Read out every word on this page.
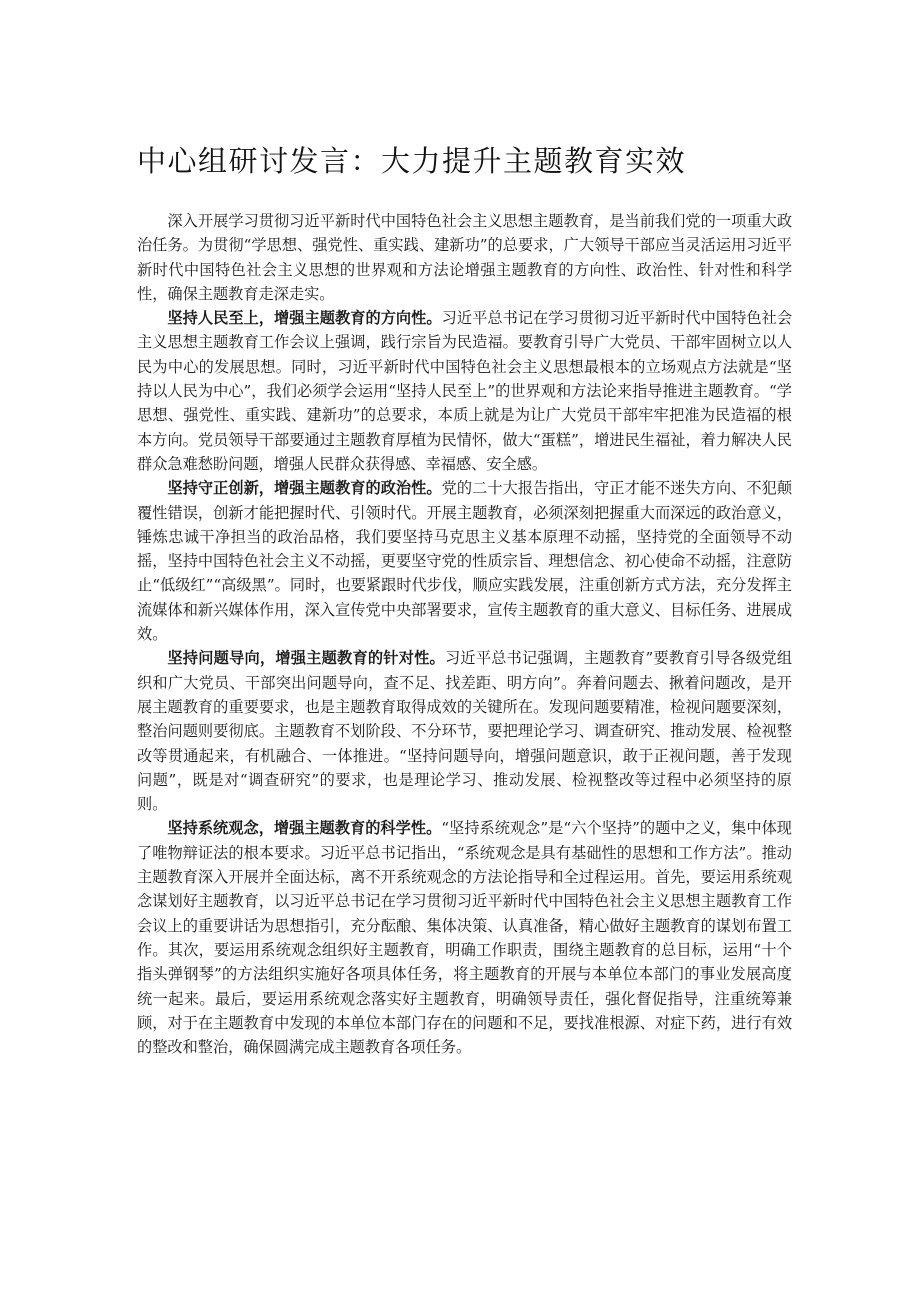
中心组研讨发言：大力提升主题教育实效

深入开展学习贯彻习近平新时代中国特色社会主义思想主题教育，是当前我们党的一项重大政治任务。为贯彻“学思想、强党性、重实践、建新功”的总要求，广大领导干部应当灵活运用习近平新时代中国特色社会主义思想的世界观和方法论增强主题教育的方向性、政治性、针对性和科学性，确保主题教育走深走实。

坚持人民至上，增强主题教育的方向性。习近平总书记在学习贯彻习近平新时代中国特色社会主义思想主题教育工作会议上强调，践行宗旨为民造福。要教育引导广大党员、干部牢固树立以人民为中心的发展思想。同时，习近平新时代中国特色社会主义思想最根本的立场观点方法就是“坚持以人民为中心”，我们必须学会运用“坚持人民至上”的世界观和方法论来指导推进主题教育。“学思想、强党性、重实践、建新功”的总要求，本质上就是为让广大党员干部牢牢把准为民造福的根本方向。党员领导干部要通过主题教育厚植为民情怀，做大“蛋糕”，增进民生福祉，着力解决人民群众急难愁盼问题，增强人民群众获得感、幸福感、安全感。

坚持守正创新，增强主题教育的政治性。党的二十大报告指出，守正才能不迷失方向、不犯颠覆性错误，创新才能把握时代、引领时代。开展主题教育，必须深刻把握重大而深远的政治意义，锤炼忠诚干净担当的政治品格，我们要坚持马克思主义基本原理不动摇，坚持党的全面领导不动摇，坚持中国特色社会主义不动摇，更要坚守党的性质宗旨、理想信念、初心使命不动摇，注意防止“低级红”“高级黑”。同时，也要紧跟时代步伐，顺应实践发展，注重创新方式方法，充分发挥主流媒体和新兴媒体作用，深入宣传党中央部署要求，宣传主题教育的重大意义、目标任务、进展成效。

坚持问题导向，增强主题教育的针对性。习近平总书记强调，主题教育”要教育引导各级党组织和广大党员、干部突出问题导向，查不足、找差距、明方向”。奔着问题去、揪着问题改，是开展主题教育的重要要求，也是主题教育取得成效的关键所在。发现问题要精准，检视问题要深刻，整治问题则要彻底。主题教育不划阶段、不分环节，要把理论学习、调查研究、推动发展、检视整改等贯通起来，有机融合、一体推进。“坚持问题导向，增强问题意识，敢于正视问题，善于发现问题”，既是对“调查研究”的要求，也是理论学习、推动发展、检视整改等过程中必须坚持的原则。

坚持系统观念，增强主题教育的科学性。“坚持系统观念”是“六个坚持”的题中之义，集中体现了唯物辩证法的根本要求。习近平总书记指出，“系统观念是具有基础性的思想和工作方法”。推动主题教育深入开展并全面达标，离不开系统观念的方法论指导和全过程运用。首先，要运用系统观念谋划好主题教育，以习近平总书记在学习贯彻习近平新时代中国特色社会主义思想主题教育工作会议上的重要讲话为思想指引，充分酝酿、集体决策、认真准备，精心做好主题教育的谋划布置工作。其次，要运用系统观念组织好主题教育，明确工作职责，围绕主题教育的总目标，运用“十个指头弹钢琴”的方法组织实施好各项具体任务，将主题教育的开展与本单位本部门的事业发展高度统一起来。最后，要运用系统观念落实好主题教育，明确领导责任，强化督促指导，注重统筹兼顾，对于在主题教育中发现的本单位本部门存在的问题和不足，要找准根源、对症下药，进行有效的整改和整治，确保圆满完成主题教育各项任务。
